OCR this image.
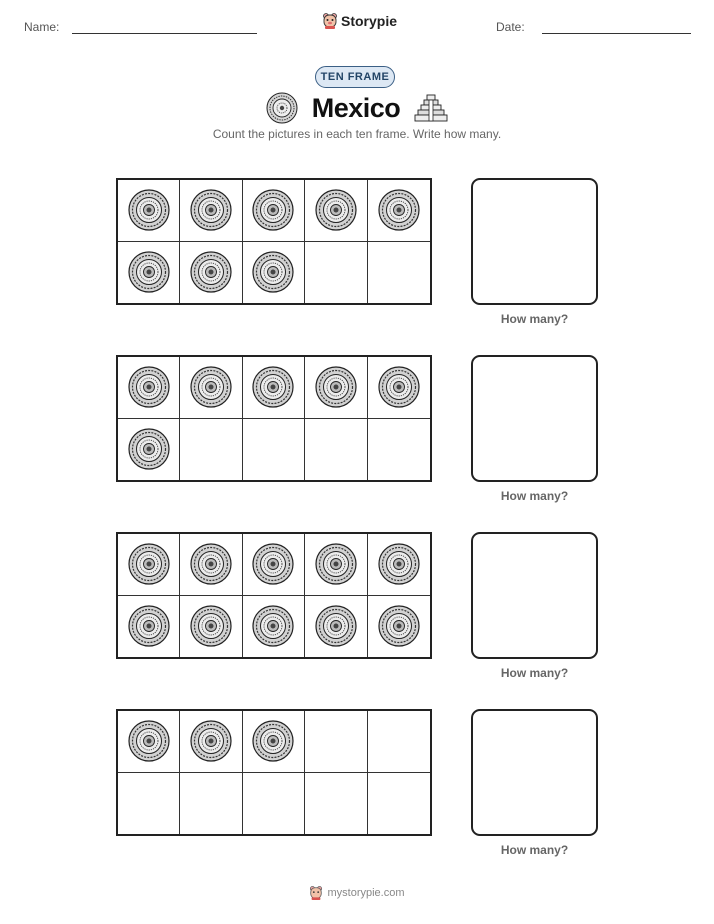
Name:	Storypie	Date:
TEN FRAME
Mexico
Count the pictures in each ten frame. Write how many.
How many?
How many?
How many?
How many?
mystorypie.com
